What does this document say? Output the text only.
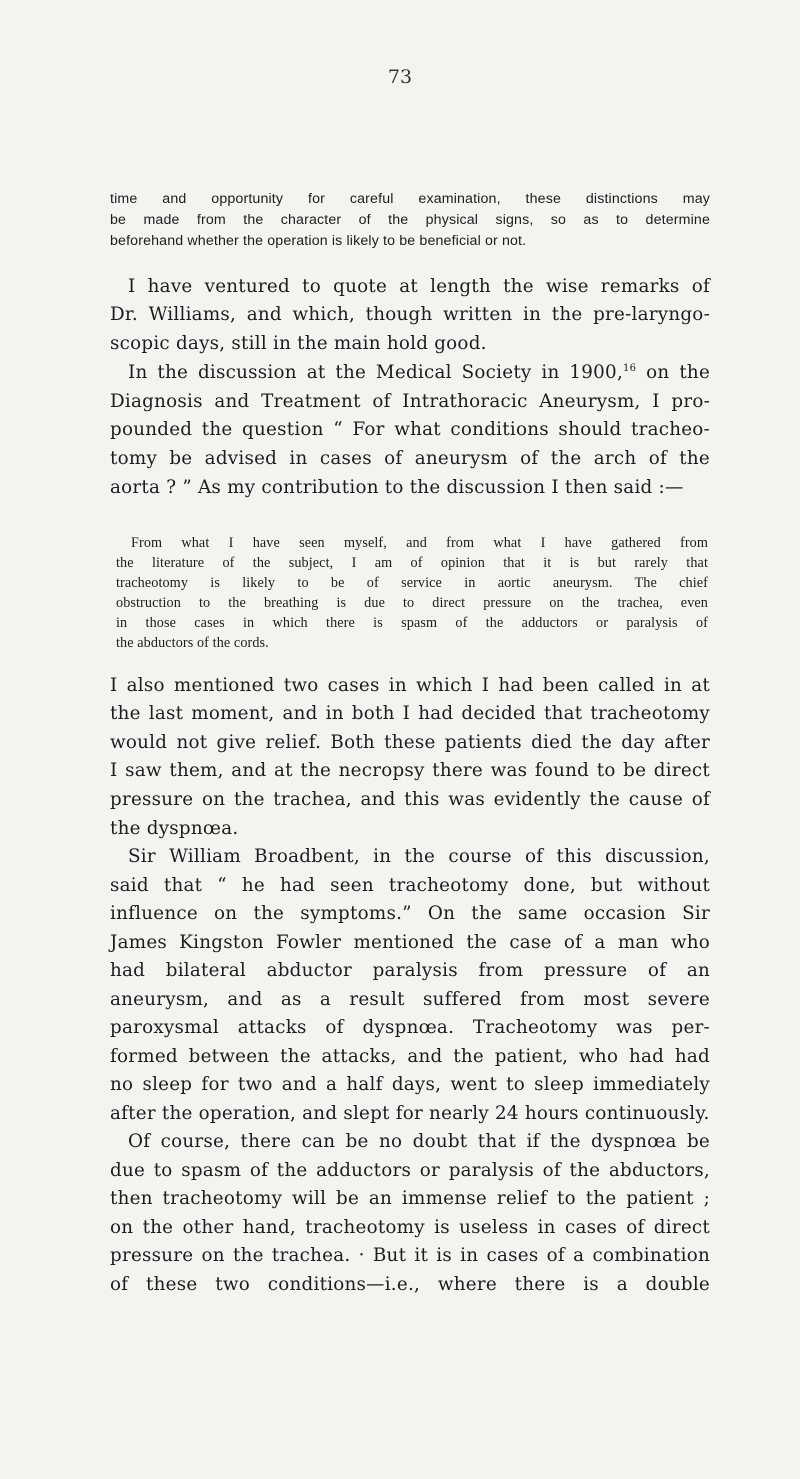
73
time and opportunity for careful examination, these distinctions may
be made from the character of the physical signs, so as to determine
beforehand whether the operation is likely to be beneficial or not.
I have ventured to quote at length the wise remarks of
Dr. Williams, and which, though written in the pre-laryngo-
scopic days, still in the main hold good.
In the discussion at the Medical Society in 1900,16 on the
Diagnosis and Treatment of Intrathoracic Aneurysm, I pro-
pounded the question “ For what conditions should tracheo-
tomy be advised in cases of aneurysm of the arch of the
aorta ? ” As my contribution to the discussion I then said :—
From what I have seen myself, and from what I have gathered from
the literature of the subject, I am of opinion that it is but rarely that
tracheotomy is likely to be of service in aortic aneurysm. The chief
obstruction to the breathing is due to direct pressure on the trachea, even
in those cases in which there is spasm of the adductors or paralysis of
the abductors of the cords.
I also mentioned two cases in which I had been called in at
the last moment, and in both I had decided that tracheotomy
would not give relief. Both these patients died the day after
I saw them, and at the necropsy there was found to be direct
pressure on the trachea, and this was evidently the cause of
the dyspnœa.
Sir William Broadbent, in the course of this discussion,
said that “ he had seen tracheotomy done, but without
influence on the symptoms.” On the same occasion Sir
James Kingston Fowler mentioned the case of a man who
had bilateral abductor paralysis from pressure of an
aneurysm, and as a result suffered from most severe
paroxysmal attacks of dyspnœa. Tracheotomy was per-
formed between the attacks, and the patient, who had had
no sleep for two and a half days, went to sleep immediately
after the operation, and slept for nearly 24 hours continuously.
Of course, there can be no doubt that if the dyspnœa be
due to spasm of the adductors or paralysis of the abductors,
then tracheotomy will be an immense relief to the patient ;
on the other hand, tracheotomy is useless in cases of direct
pressure on the trachea. · But it is in cases of a combination
of these two conditions—i.e., where there is a double
